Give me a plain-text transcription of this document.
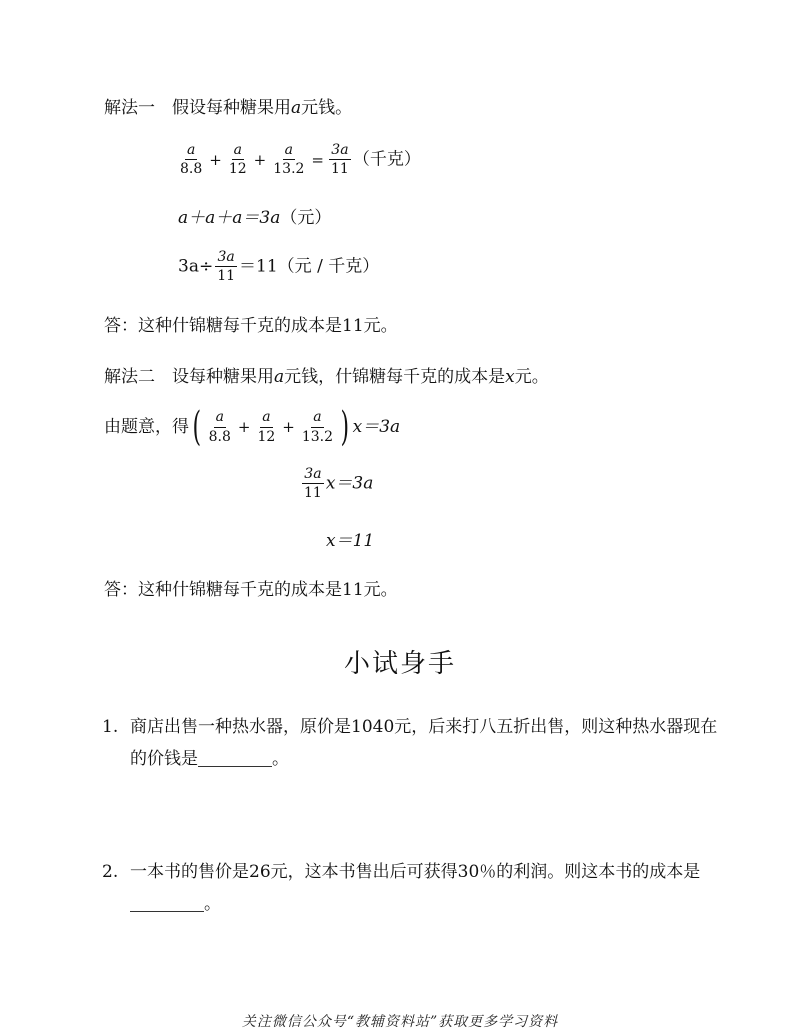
解法一　假设每种糖果用a元钱。
$\frac{a}{8.8} + \frac{a}{12} + \frac{a}{13.2} = \frac{3a}{11}$ （千克）
a＋a＋a＝3a（元）
$3a\div \frac{3a}{11} =11$（元 / 千克）
答：这种什锦糖每千克的成本是11元。
解法二　设每种糖果用a元钱，什锦糖每千克的成本是x元。
由题意，得( $\frac{a}{8.8} + \frac{a}{12} + \frac{a}{13.2}$ ) x＝3a
$\frac{3a}{11} x=3a$
x＝11
答：这种什锦糖每千克的成本是11元。
小试身手
1. 商店出售一种热水器，原价是1040元，后来打八五折出售，则这种热水器现在的价钱是	。
2. 一本书的售价是26元，这本书售出后可获得30％的利润。则这本书的成本是。
关注微信公众号“教辅资料站”获取更多学习资料
